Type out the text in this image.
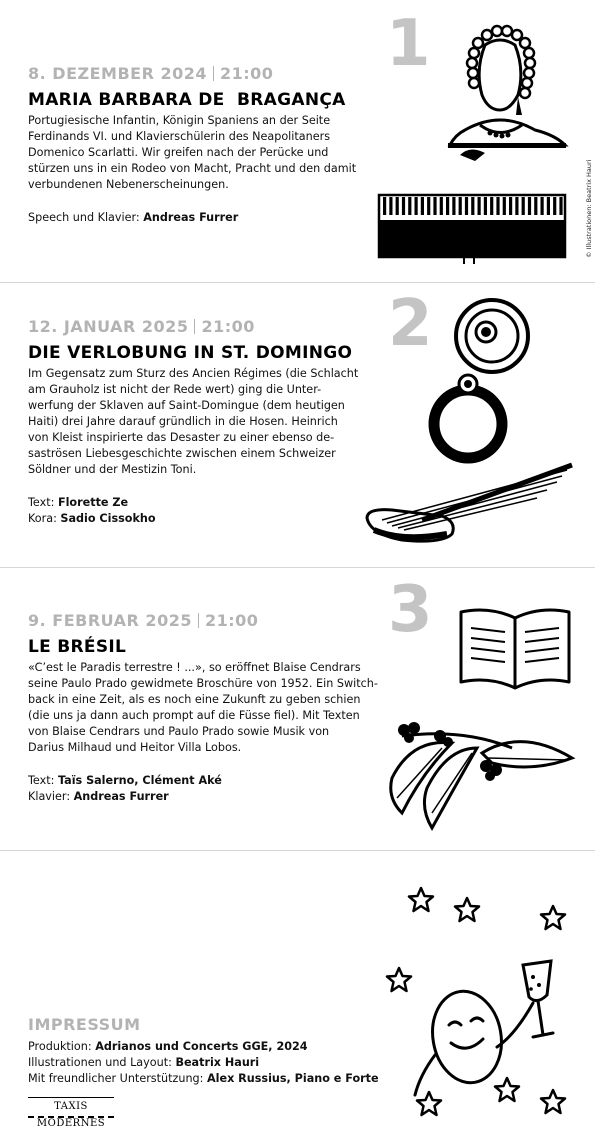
1
8. DEZEMBER 2024 21:00
MARIA BARBARA DE  BRAGANÇA
Portugiesische Infantin, Königin Spaniens an der Seite
Ferdinands VI. und Klavierschülerin des Neapolitaners
Domenico Scarlatti. Wir greifen nach der Perücke und
stürzen uns in ein Rodeo von Macht, Pracht und den damit
verbundenen Nebenerscheinungen.
Speech und Klavier: Andreas Furrer	© Illustrationen: Beatrix Hauri
2
12. JANUAR 2025 21:00
DIE VERLOBUNG IN ST. DOMINGO
Im Gegensatz zum Sturz des Ancien Régimes (die Schlacht
am Grauholz ist nicht der Rede wert) ging die Unter-
werfung der Sklaven auf Saint-Domingue (dem heutigen
Haiti) drei Jahre darauf gründlich in die Hosen. Heinrich
von Kleist inspirierte das Desaster zu einer ebenso de-
saströsen Liebesgeschichte zwischen einem Schweizer
Söldner und der Mestizin Toni.
Text: Florette Ze
Kora: Sadio Cissokho
3
9. FEBRUAR 2025 21:00
LE BRÉSIL
«C’est le Paradis terrestre ! ...», so eröffnet Blaise Cendrars
seine Paulo Prado gewidmete Broschüre von 1952. Ein Switch-
back in eine Zeit, als es noch eine Zukunft zu geben schien
(die uns ja dann auch prompt auf die Füsse fiel). Mit Texten
von Blaise Cendrars und Paulo Prado sowie Musik von
Darius Milhaud und Heitor Villa Lobos.
Text: Taïs Salerno, Clément Aké
Klavier: Andreas Furrer
IMPRESSUM
Produktion: Adrianos und Concerts GGE, 2024
Illustrationen und Layout: Beatrix Hauri
Mit freundlicher Unterstützung: Alex Russius, Piano e Forte
TAXIS MODERNES
